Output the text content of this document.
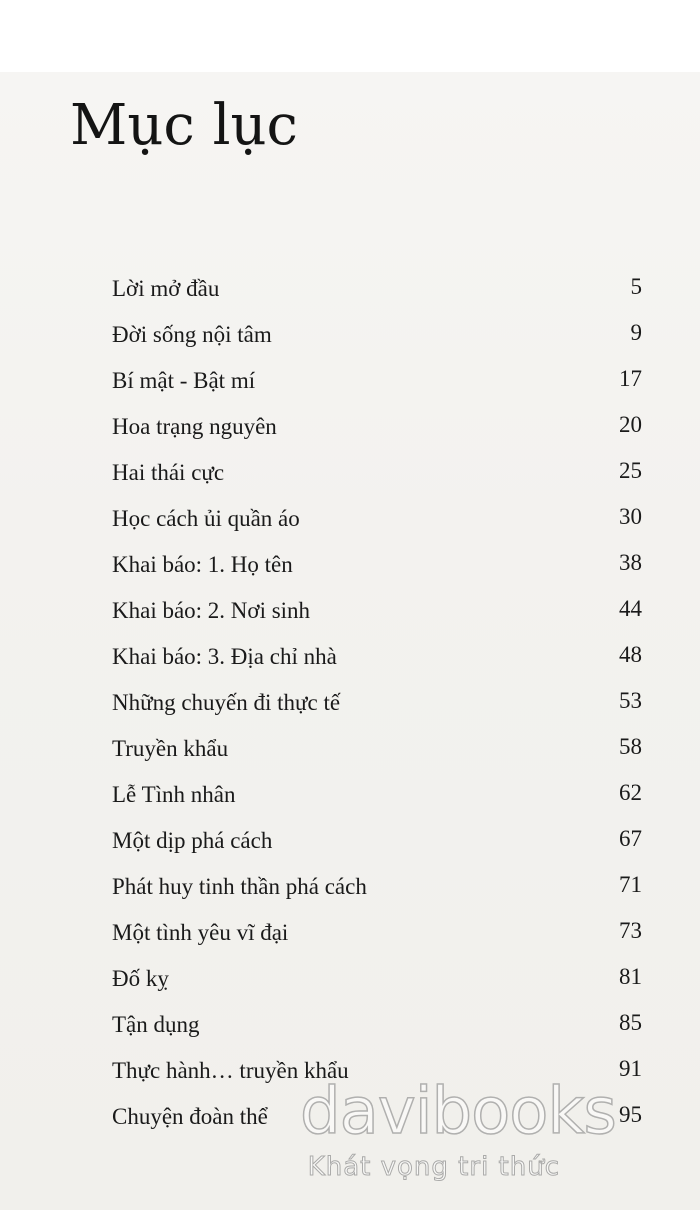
Mục lục
Lời mở đầu	5
Đời sống nội tâm	9
Bí mật - Bật mí	17
Hoa trạng nguyên	20
Hai thái cực	25
Học cách ủi quần áo	30
Khai báo: 1. Họ tên	38
Khai báo: 2. Nơi sinh	44
Khai báo: 3. Địa chỉ nhà	48
Những chuyến đi thực tế	53
Truyền khẩu	58
Lễ Tình nhân	62
Một dịp phá cách	67
Phát huy tinh thần phá cách	71
Một tình yêu vĩ đại	73
Đố kỵ	81
Tận dụng	85
Thực hành… truyền khẩu	91
Chuyện đoàn thể	95
davibooks
Khát vọng tri thức
